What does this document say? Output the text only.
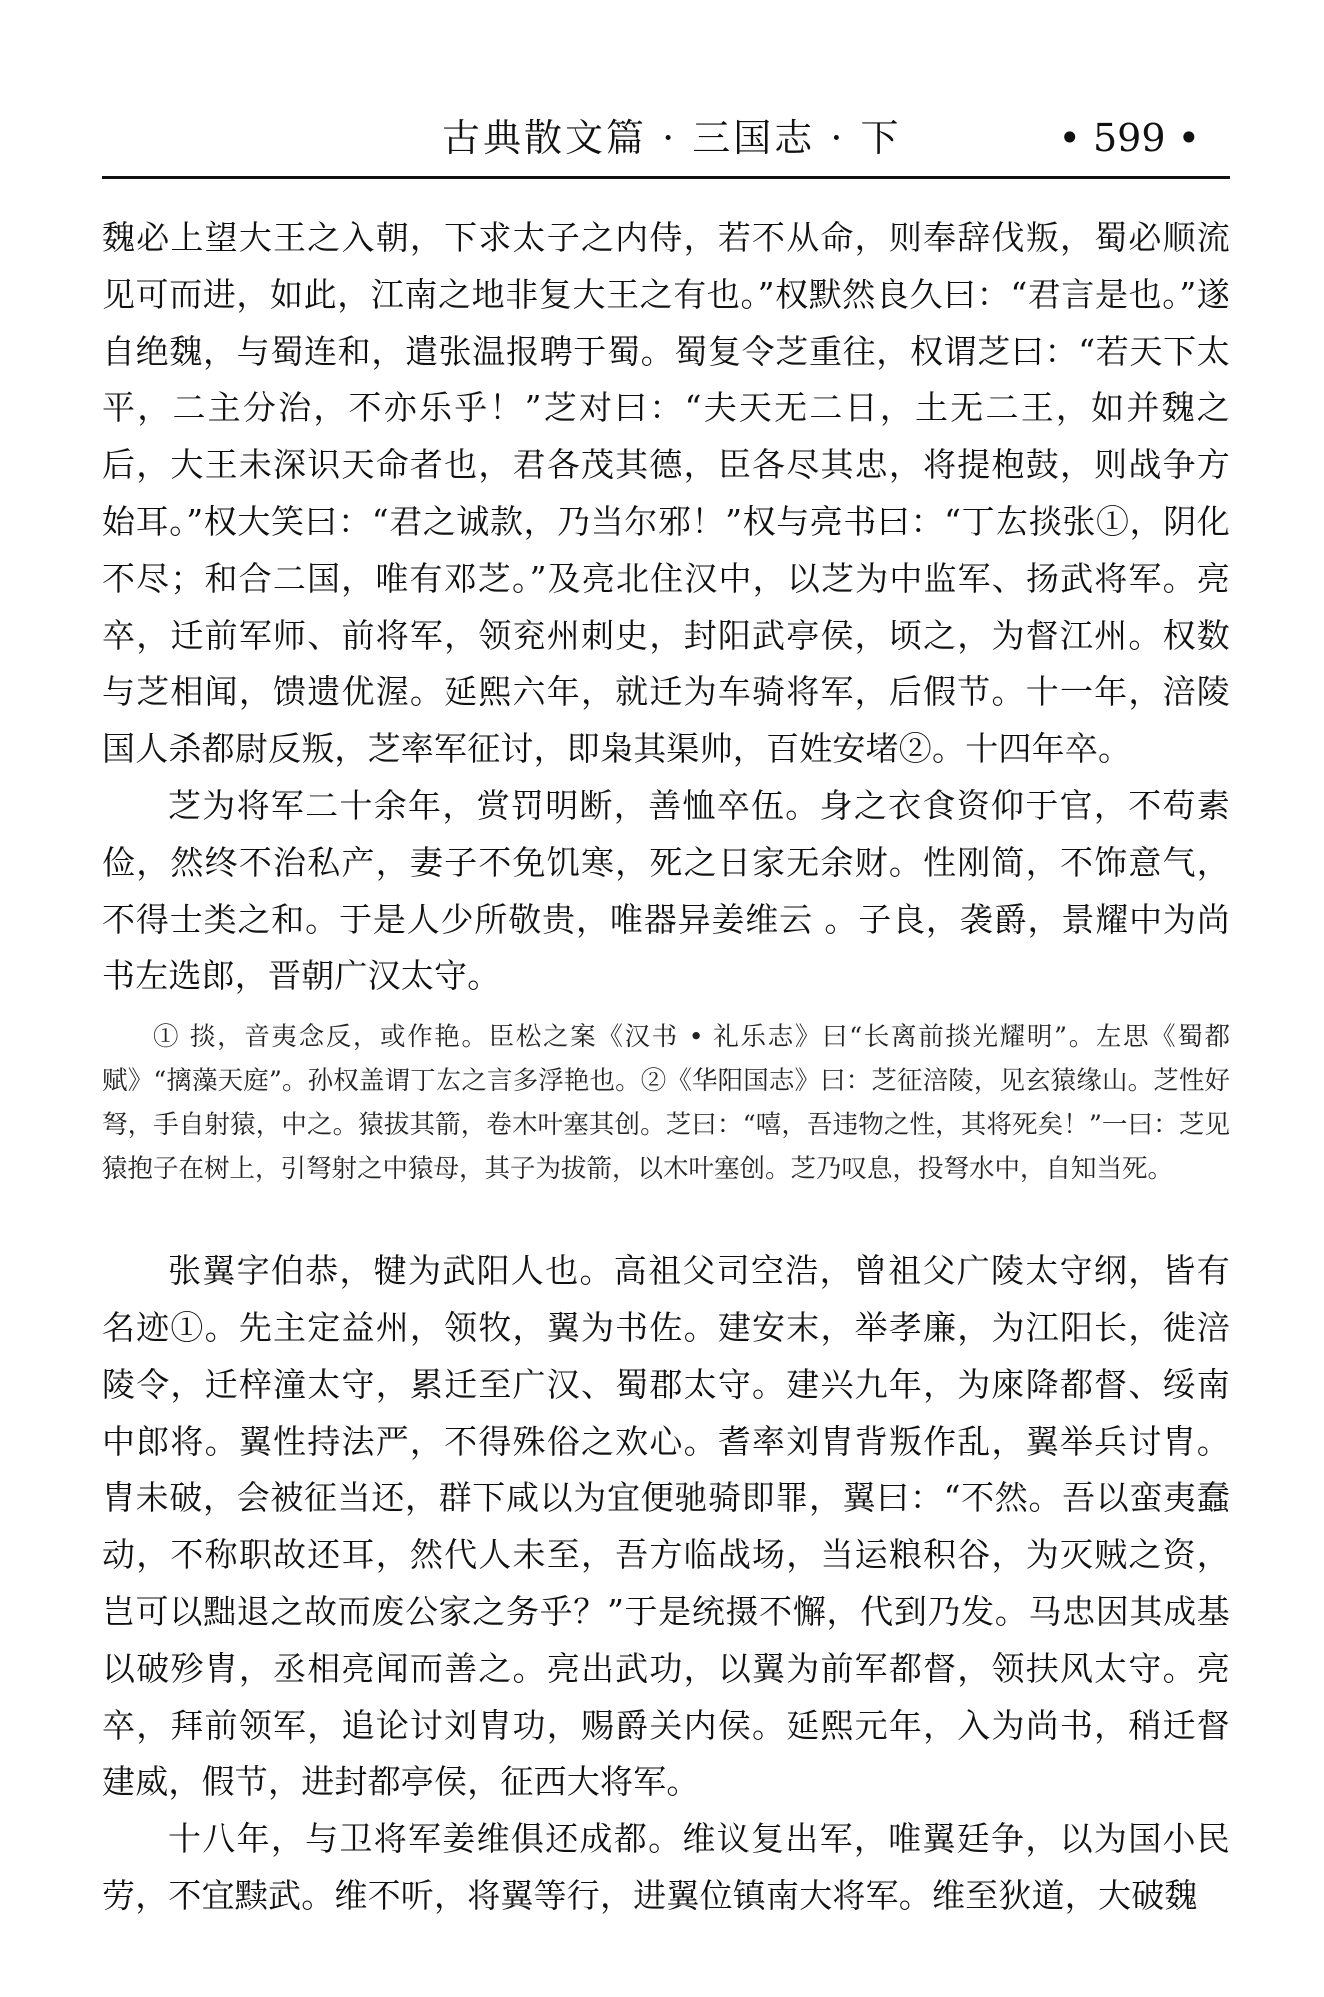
古典散文篇 · 三国志 · 下	• 599 •

魏必上望大王之入朝，下求太子之内侍，若不从命，则奉辞伐叛，蜀必顺流见可而进，如此，江南之地非复大王之有也。”权默然良久曰：“君言是也。”遂自绝魏，与蜀连和，遣张温报聘于蜀。蜀复令芝重往，权谓芝曰：“若天下太平，二主分治，不亦乐乎！”芝对曰：“夫天无二日，土无二王，如并魏之后，大王未深识天命者也，君各茂其德，臣各尽其忠，将提枹鼓，则战争方始耳。”权大笑曰：“君之诚款，乃当尔邪！”权与亮书曰：“丁厷掞张①，阴化不尽；和合二国，唯有邓芝。”及亮北住汉中，以芝为中监军、扬武将军。亮卒，迁前军师、前将军，领兖州刺史，封阳武亭侯，顷之，为督江州。权数与芝相闻，馈遗优渥。延熙六年，就迁为车骑将军，后假节。十一年，涪陵国人杀都尉反叛，芝率军征讨，即枭其渠帅，百姓安堵②。十四年卒。

芝为将军二十余年，赏罚明断，善恤卒伍。身之衣食资仰于官，不苟素俭，然终不治私产，妻子不免饥寒，死之日家无余财。性刚简，不饰意气，不得士类之和。于是人少所敬贵，唯器异姜维云 。子良，袭爵，景耀中为尚书左选郎，晋朝广汉太守。

① 掞，音夷念反，或作艳。臣松之案《汉书 • 礼乐志》曰“长离前掞光耀明”。左思《蜀都赋》“摛藻天庭”。孙权盖谓丁厷之言多浮艳也。②《华阳国志》曰：芝征涪陵，见玄猿缘山。芝性好弩，手自射猿，中之。猿拔其箭，卷木叶塞其创。芝曰：“嘻，吾违物之性，其将死矣！”一曰：芝见猿抱子在树上，引弩射之中猿母，其子为拔箭，以木叶塞创。芝乃叹息，投弩水中，自知当死。

张翼字伯恭，犍为武阳人也。高祖父司空浩，曾祖父广陵太守纲，皆有名迹①。先主定益州，领牧，翼为书佐。建安末，举孝廉，为江阳长，徙涪陵令，迁梓潼太守，累迁至广汉、蜀郡太守。建兴九年，为庲降都督、绥南中郎将。翼性持法严，不得殊俗之欢心。耆率刘胄背叛作乱，翼举兵讨胄。胄未破，会被征当还，群下咸以为宜便驰骑即罪，翼曰：“不然。吾以蛮夷蠢动，不称职故还耳，然代人未至，吾方临战场，当运粮积谷，为灭贼之资，岂可以黜退之故而废公家之务乎？”于是统摄不懈，代到乃发。马忠因其成基以破殄胄，丞相亮闻而善之。亮出武功，以翼为前军都督，领扶风太守。亮卒，拜前领军，追论讨刘胄功，赐爵关内侯。延熙元年，入为尚书，稍迁督建威，假节，进封都亭侯，征西大将军。

十八年，与卫将军姜维俱还成都。维议复出军，唯翼廷争，以为国小民劳，不宜黩武。维不听，将翼等行，进翼位镇南大将军。维至狄道，大破魏
